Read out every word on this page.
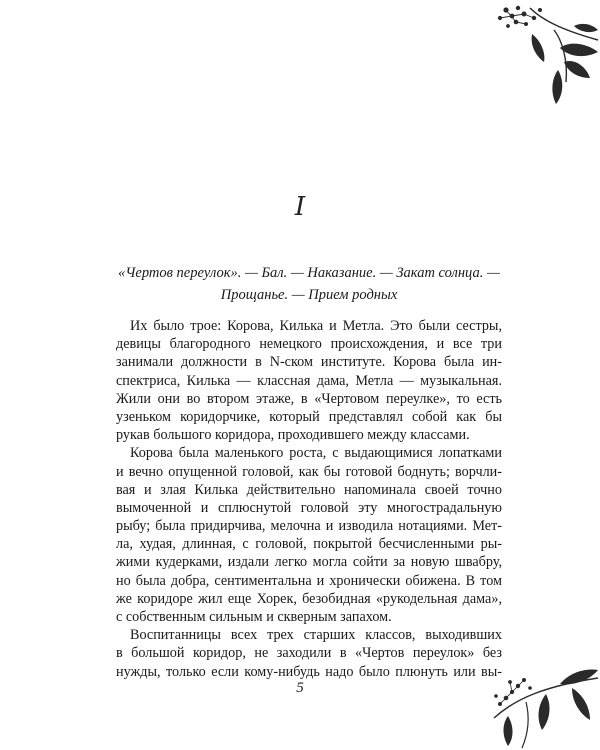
I
«Чертов переулок». — Бал. — Наказание. — Закат солнца. —
Прощанье. — Прием родных
Их было трое: Корова, Килька и Метла. Это были сестры,
девицы благородного немецкого происхождения, и все три
занимали должности в N-ском институте. Корова была ин-
спектриса, Килька — классная дама, Метла — музыкальная.
Жили они во втором этаже, в «Чертовом переулке», то есть
узеньком коридорчике, который представлял собой как бы
рукав большого коридора, проходившего между классами.
Корова была маленького роста, с выдающимися лопатками
и вечно опущенной головой, как бы готовой боднуть; ворчли-
вая и злая Килька действительно напоминала своей точно
вымоченной и сплюснутой головой эту многострадальную
рыбу; была придирчива, мелочна и изводила нотациями. Мет-
ла, худая, длинная, с головой, покрытой бесчисленными ры-
жими кудерками, издали легко могла сойти за новую швабру,
но была добра, сентиментальна и хронически обижена. В том
же коридоре жил еще Хорек, безобидная «рукодельная дама»,
с собственным сильным и скверным запахом.
Воспитанницы всех трех старших классов, выходивших
в большой коридор, не заходили в «Чертов переулок» без
нужды, только если кому-нибудь надо было плюнуть или вы-
5
